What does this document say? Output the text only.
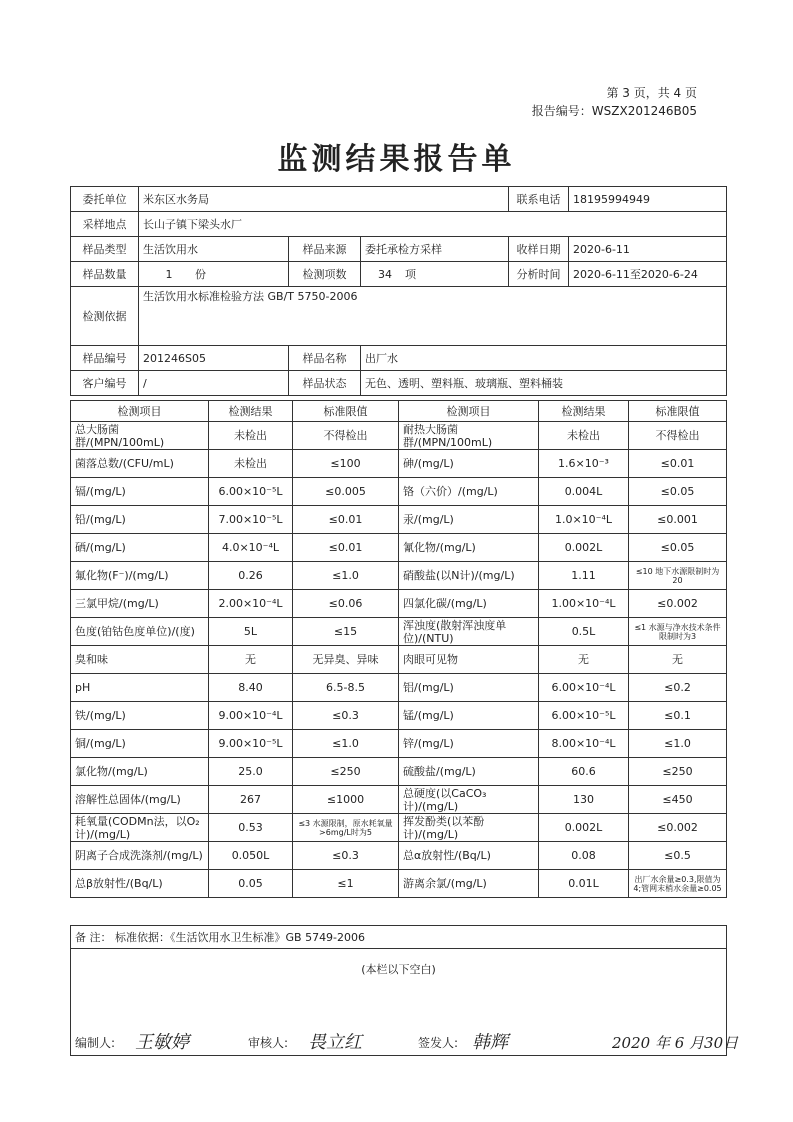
第 3 页，共 4 页
报告编号：WSZX201246B05
监测结果报告单
委托单位	米东区水务局			联系电话	18195994949
采样地点	长山子镇下梁头水厂				
样品类型	生活饮用水	样品来源	委托承检方采样	收样日期	2020-6-11
样品数量	1 份	检测项数	34 项	分析时间	2020-6-11至2020-6-24
检测依据	生活饮用水标准检验方法 GB/T 5750-2006				
样品编号	201246S05	样品名称	出厂水		
客户编号	/	样品状态	无色、透明、塑料瓶、玻璃瓶、塑料桶装		
检测项目	检测结果	标准限值	检测项目	检测结果	标准限值
总大肠菌群/(MPN/100mL)	未检出	不得检出	耐热大肠菌群/(MPN/100mL)	未检出	不得检出
菌落总数/(CFU/mL)	未检出	≤100	砷/(mg/L)	1.6×10⁻³	≤0.01
镉/(mg/L)	6.00×10⁻⁵L	≤0.005	铬（六价）/(mg/L)	0.004L	≤0.05
铅/(mg/L)	7.00×10⁻⁵L	≤0.01	汞/(mg/L)	1.0×10⁻⁴L	≤0.001
硒/(mg/L)	4.0×10⁻⁴L	≤0.01	氰化物/(mg/L)	0.002L	≤0.05
氟化物(F⁻)/(mg/L)	0.26	≤1.0	硝酸盐(以N计)/(mg/L)	1.11	≤10 地下水源限制时为20
三氯甲烷/(mg/L)	2.00×10⁻⁴L	≤0.06	四氯化碳/(mg/L)	1.00×10⁻⁴L	≤0.002
色度(铂钴色度单位)/(度)	5L	≤15	浑浊度(散射浑浊度单位)/(NTU)	0.5L	≤1 水源与净水技术条件限制时为3
臭和味	无	无异臭、异味	肉眼可见物	无	无
pH	8.40	6.5-8.5	铝/(mg/L)	6.00×10⁻⁴L	≤0.2
铁/(mg/L)	9.00×10⁻⁴L	≤0.3	锰/(mg/L)	6.00×10⁻⁵L	≤0.1
铜/(mg/L)	9.00×10⁻⁵L	≤1.0	锌/(mg/L)	8.00×10⁻⁴L	≤1.0
氯化物/(mg/L)	25.0	≤250	硫酸盐/(mg/L)	60.6	≤250
溶解性总固体/(mg/L)	267	≤1000	总硬度(以CaCO₃ 计)/(mg/L)	130	≤450
耗氧量(CODMn法，以O₂ 计)/(mg/L)	0.53	≤3 水源限制，原水耗氧量>6mg/L时为5	挥发酚类(以苯酚计)/(mg/L)	0.002L	≤0.002
阴离子合成洗涤剂/(mg/L)	0.050L	≤0.3	总α放射性/(Bq/L)	0.08	≤0.5
总β放射性/(Bq/L)	0.05	≤1	游离余氯/(mg/L)	0.01L	出厂水余量≥0.3,限值为4;管网末梢水余量≥0.05
备 注： 标准依据：《生活饮用水卫生标准》GB 5749-2006
(本栏以下空白)
编制人: 王敏婷	审核人: 畏立红	签发人: 韩辉	2020 年 6 月30日
